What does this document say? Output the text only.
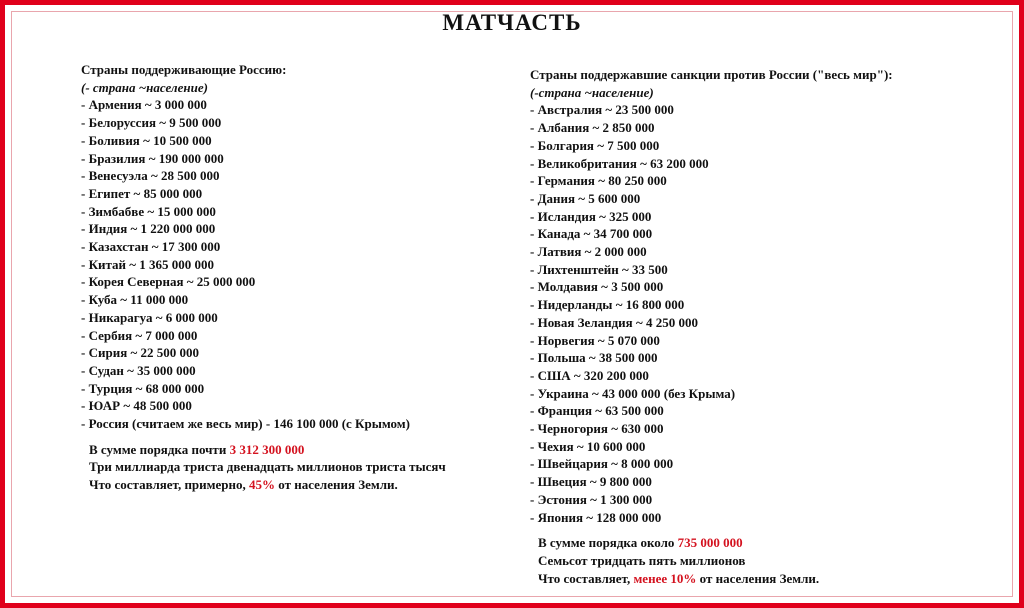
МАТЧАСТЬ
Страны поддерживающие Россию:
(- страна ~население)
- Армения ~ 3 000 000
- Белоруссия ~ 9 500 000
- Боливия ~ 10 500 000
- Бразилия ~ 190 000 000
- Венесуэла ~ 28 500 000
- Египет ~ 85 000 000
- Зимбабве ~ 15 000 000
- Индия ~ 1 220 000 000
- Казахстан ~ 17 300 000
- Китай ~ 1 365 000 000
- Корея Северная ~ 25 000 000
- Куба ~ 11 000 000
- Никарагуа ~ 6 000 000
- Сербия ~ 7 000 000
- Сирия ~ 22 500 000
- Судан ~ 35 000 000
- Турция ~ 68 000 000
- ЮАР ~ 48 500 000
- Россия (считаем же весь мир) - 146 100 000 (с Крымом)
В сумме порядка почти 3 312 300 000
Три миллиарда триста двенадцать миллионов триста тысяч
Что составляет, примерно, 45% от населения Земли.
Страны поддержавшие санкции против России ("весь мир"):
(-страна ~население)
- Австралия ~ 23 500 000
- Албания ~ 2 850 000
- Болгария ~ 7 500 000
- Великобритания ~ 63 200 000
- Германия ~ 80 250 000
- Дания ~ 5 600 000
- Исландия ~ 325 000
- Канада ~ 34 700 000
- Латвия ~ 2 000 000
- Лихтенштейн ~ 33 500
- Молдавия ~ 3 500 000
- Нидерланды ~ 16 800 000
- Новая Зеландия ~ 4 250 000
- Норвегия ~ 5 070 000
- Польша ~ 38 500 000
- США ~ 320 200 000
- Украина ~ 43 000 000 (без Крыма)
- Франция ~ 63 500 000
- Черногория ~ 630 000
- Чехия ~ 10 600 000
- Швейцария ~ 8 000 000
- Швеция ~ 9 800 000
- Эстония ~ 1 300 000
- Япония ~ 128 000 000
В сумме порядка около 735 000 000
Семьсот тридцать пять миллионов
Что составляет, менее 10% от населения Земли.
